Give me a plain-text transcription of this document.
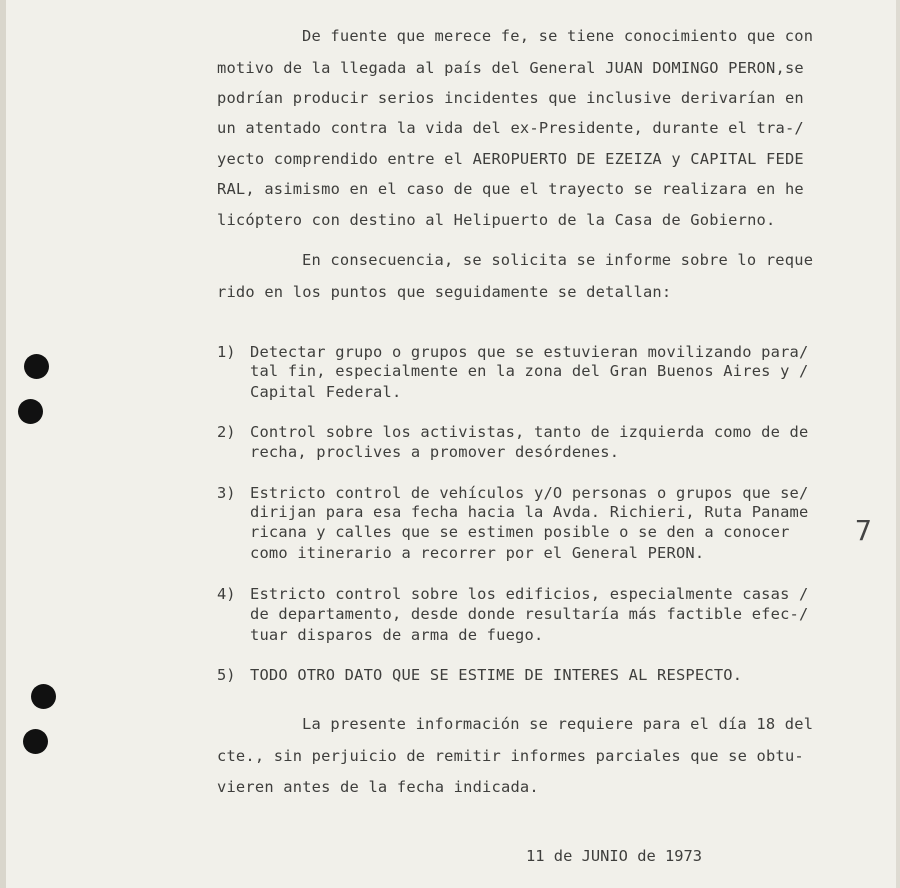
De fuente que merece fe, se tiene conocimiento que con
motivo de la llegada al país del General JUAN DOMINGO PERON,se
podrían producir serios incidentes que inclusive derivarían en
un atentado contra la vida del ex-Presidente, durante el tra-/
yecto comprendido entre el AEROPUERTO DE EZEIZA y CAPITAL FEDE
RAL, asimismo en el caso de que el trayecto se realizara en he
licóptero con destino al Helipuerto de la Casa de Gobierno.
En consecuencia, se solicita se informe sobre lo reque
rido en los puntos que seguidamente se detallan:
1) Detectar grupo o grupos que se estuvieran movilizando para/
tal fin, especialmente en la zona del Gran Buenos Aires y /
Capital Federal.
2) Control sobre los activistas, tanto de izquierda como de de
recha, proclives a promover desórdenes.
3) Estricto control de vehículos y/O personas o grupos que se/
dirijan para esa fecha hacia la Avda. Richieri, Ruta Paname
ricana y calles que se estimen posible o se den a conocer
como itinerario a recorrer por el General PERON.
7
4) Estricto control sobre los edificios, especialmente casas /
de departamento, desde donde resultaría más factible efec-/
tuar disparos de arma de fuego.
5) TODO OTRO DATO QUE SE ESTIME DE INTERES AL RESPECTO.
La presente información se requiere para el día 18 del
cte., sin perjuicio de remitir informes parciales que se obtu-
vieren antes de la fecha indicada.
11 de JUNIO de 1973
